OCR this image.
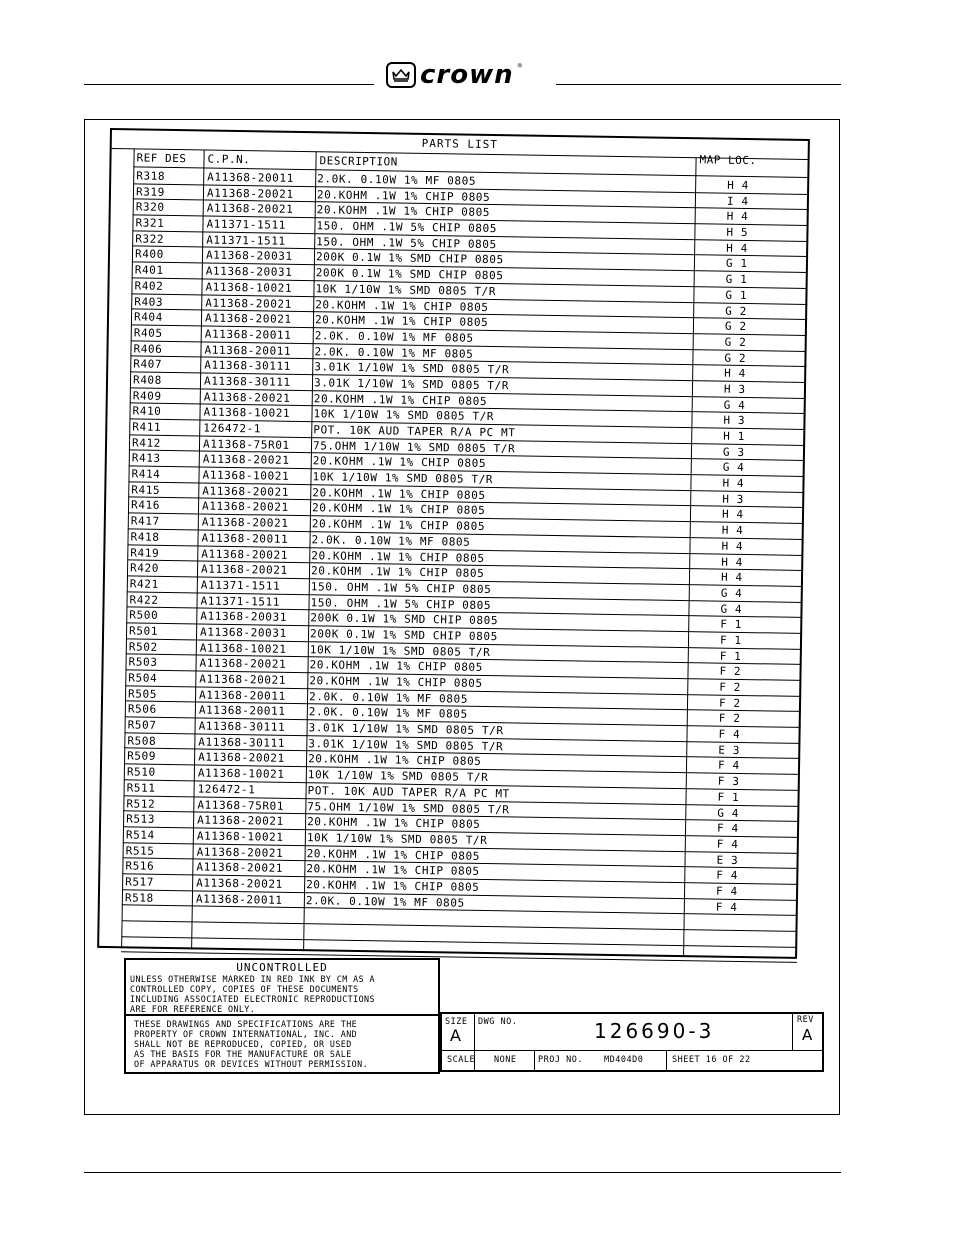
crown ®
PARTS LIST
REF DES C.P.N.	DESCRIPTION	MAP LOC.
R318	A11368-20011 2.0K. 0.10W 1% MF 0805	H 4
R319	A11368-20021 20.KOHM .1W 1% CHIP 0805	I 4
R320	A11368-20021 20.KOHM .1W 1% CHIP 0805	H 4
R321	A11371-1511	150. OHM .1W 5% CHIP 0805	H 5
R322	A11371-1511	150. OHM .1W 5% CHIP 0805	H 4
R400	A11368-20031 200K 0.1W 1% SMD CHIP 0805	G 1
R401	A11368-20031 200K 0.1W 1% SMD CHIP 0805	G 1
R402	A11368-10021 10K 1/10W 1% SMD 0805 T/R	G 1
R403	A11368-20021 20.KOHM .1W 1% CHIP 0805	G 2
R404	A11368-20021 20.KOHM .1W 1% CHIP 0805	G 2
R405	A11368-20011 2.0K. 0.10W 1% MF 0805	G 2
R406	A11368-20011 2.0K. 0.10W 1% MF 0805	G 2
R407	A11368-30111 3.01K 1/10W 1% SMD 0805 T/R	H 4
R408	A11368-30111 3.01K 1/10W 1% SMD 0805 T/R	H 3
R409	A11368-20021 20.KOHM .1W 1% CHIP 0805	G 4
R410	A11368-10021 10K 1/10W 1% SMD 0805 T/R	H 3
R411	126472-1	POT. 10K AUD TAPER R/A PC MT	H 1
R412	A11368-75R01 75.OHM 1/10W 1% SMD 0805 T/R	G 3
R413	A11368-20021 20.KOHM .1W 1% CHIP 0805	G 4
R414	A11368-10021 10K 1/10W 1% SMD 0805 T/R	H 4
R415	A11368-20021 20.KOHM .1W 1% CHIP 0805	H 3
R416	A11368-20021 20.KOHM .1W 1% CHIP 0805	H 4
R417	A11368-20021 20.KOHM .1W 1% CHIP 0805	H 4
R418	A11368-20011 2.0K. 0.10W 1% MF 0805	H 4
R419	A11368-20021 20.KOHM .1W 1% CHIP 0805	H 4
R420	A11368-20021 20.KOHM .1W 1% CHIP 0805	H 4
R421	A11371-1511	150. OHM .1W 5% CHIP 0805	G 4
R422	A11371-1511	150. OHM .1W 5% CHIP 0805	G 4
R500	A11368-20031 200K 0.1W 1% SMD CHIP 0805	F 1
R501	A11368-20031 200K 0.1W 1% SMD CHIP 0805	F 1
R502	A11368-10021 10K 1/10W 1% SMD 0805 T/R	F 1
R503	A11368-20021 20.KOHM .1W 1% CHIP 0805	F 2
R504	A11368-20021 20.KOHM .1W 1% CHIP 0805	F 2
R505	A11368-20011 2.0K. 0.10W 1% MF 0805	F 2
R506	A11368-20011 2.0K. 0.10W 1% MF 0805	F 2
R507	A11368-30111 3.01K 1/10W 1% SMD 0805 T/R	F 4
R508	A11368-30111 3.01K 1/10W 1% SMD 0805 T/R	E 3
R509	A11368-20021 20.KOHM .1W 1% CHIP 0805	F 4
R510	A11368-10021 10K 1/10W 1% SMD 0805 T/R	F 3
R511	126472-1	POT. 10K AUD TAPER R/A PC MT	F 1
R512	A11368-75R01 75.OHM 1/10W 1% SMD 0805 T/R	G 4
R513	A11368-20021 20.KOHM .1W 1% CHIP 0805	F 4
R514	A11368-10021 10K 1/10W 1% SMD 0805 T/R	F 4
R515	A11368-20021 20.KOHM .1W 1% CHIP 0805	E 3
R516	A11368-20021 20.KOHM .1W 1% CHIP 0805	F 4
R517	A11368-20021 20.KOHM .1W 1% CHIP 0805	F 4
R518	A11368-20011 2.0K. 0.10W 1% MF 0805	F 4
UNCONTROLLED
UNLESS OTHERWISE MARKED IN RED INK BY CM AS A
CONTROLLED COPY, COPIES OF THESE DOCUMENTS
INCLUDING ASSOCIATED ELECTRONIC REPRODUCTIONS
ARE FOR REFERENCE ONLY.
THESE DRAWINGS AND SPECIFICATIONS ARE THE
PROPERTY OF CROWN INTERNATIONAL, INC. AND
SHALL NOT BE REPRODUCED, COPIED, OR USED
AS THE BASIS FOR THE MANUFACTURE OR SALE
OF APPARATUS OR DEVICES WITHOUT PERMISSION.
SIZE
A
DWG NO.	126690-3	REV
A
SCALE NONE	PROJ NO. MD404D0	SHEET 16 OF 22
